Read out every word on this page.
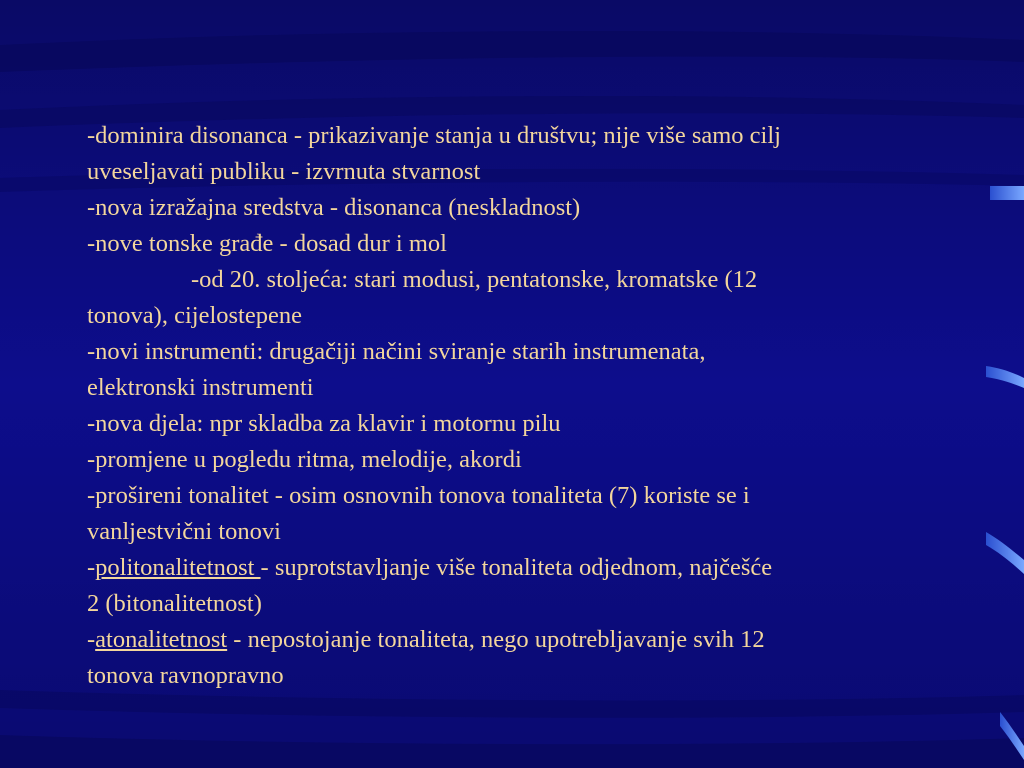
-dominira disonanca - prikazivanje stanja u društvu; nije više samo cilj

uveseljavati publiku - izvrnuta stvarnost

-nova izražajna sredstva - disonanca (neskladnost)

-nove tonske građe - dosad dur i mol

-od 20. stoljeća: stari modusi, pentatonske, kromatske (12

tonova), cijelostepene

-novi instrumenti: drugačiji načini sviranje starih instrumenata,

elektronski instrumenti

-nova djela: npr skladba za klavir i motornu pilu

-promjene u pogledu ritma, melodije, akordi

-prošireni tonalitet - osim osnovnih tonova tonaliteta (7) koriste se i

vanljestvični tonovi

-politonalitetnost - suprotstavljanje više tonaliteta odjednom, najčešće

2 (bitonalitetnost)

-atonalitetnost - nepostojanje tonaliteta, nego upotrebljavanje svih 12

tonova ravnopravno
